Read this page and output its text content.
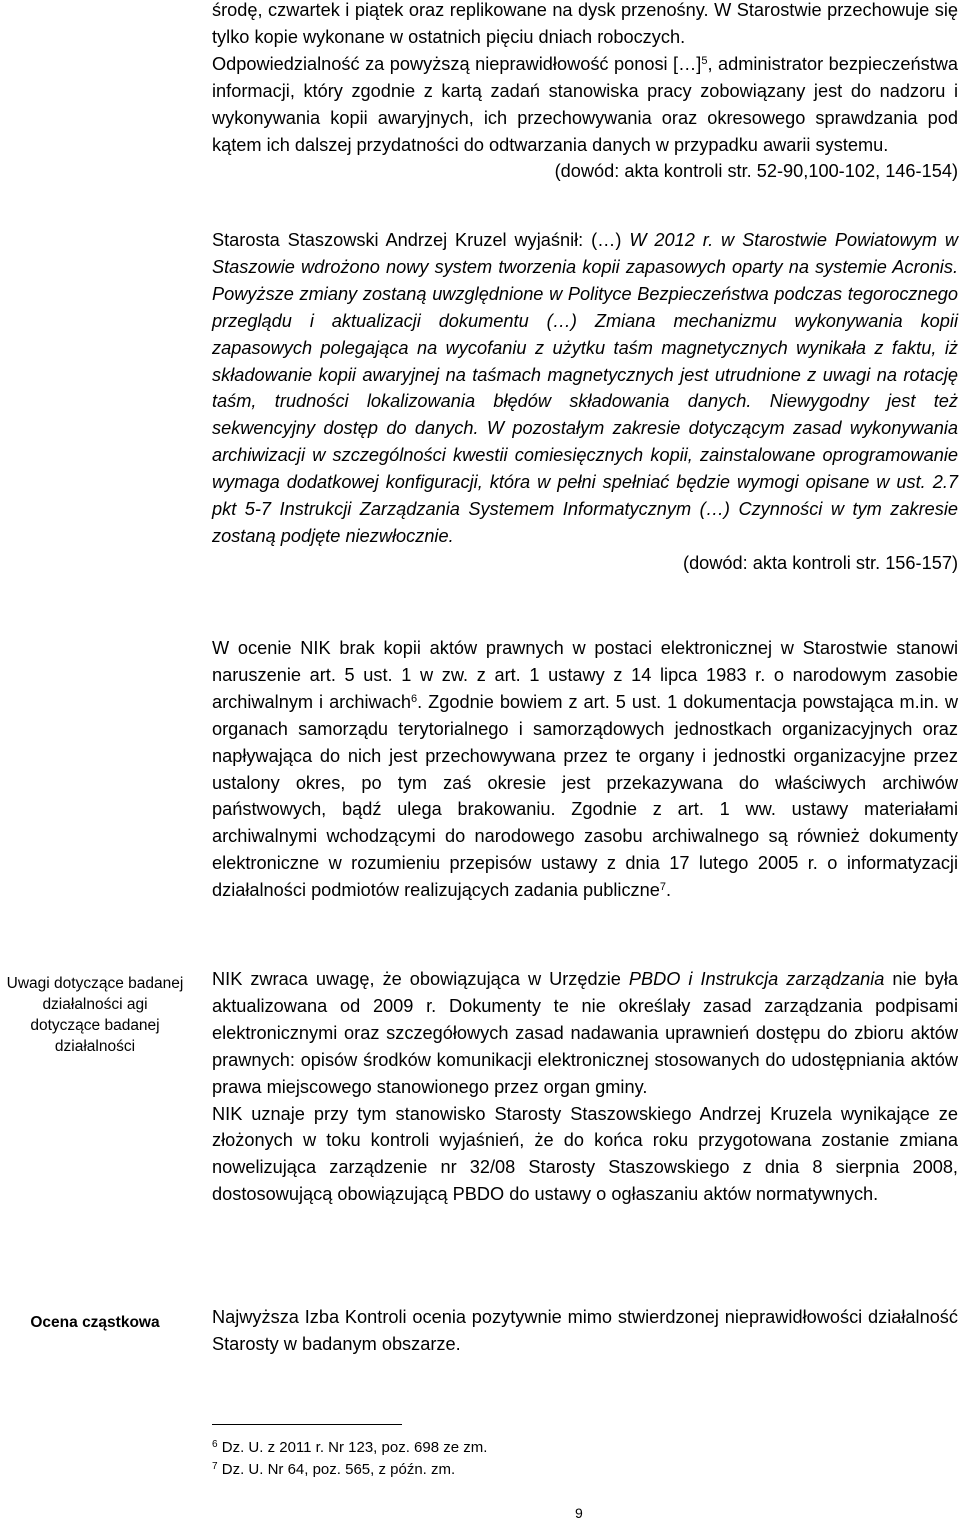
Uwagi dotyczące badanej działalności agi dotyczące badanej działalności
Ocena cząstkowa

środę, czwartek i piątek oraz replikowane na dysk przenośny. W Starostwie przechowuje się tylko kopie wykonane w ostatnich pięciu dniach roboczych.

Odpowiedzialność za powyższą nieprawidłowość ponosi […]$^5$, administrator bezpieczeństwa informacji, który zgodnie z kartą zadań stanowiska pracy zobowiązany jest do nadzoru i wykonywania kopii awaryjnych, ich przechowywania oraz okresowego sprawdzania pod kątem ich dalszej przydatności do odtwarzania danych w przypadku awarii systemu.

(dowód: akta kontroli str. 52-90,100-102, 146-154)

Starosta Staszowski Andrzej Kruzel wyjaśnił: (…) W 2012 r. w Starostwie Powiatowym w Staszowie wdrożono nowy system tworzenia kopii zapasowych oparty na systemie Acronis. Powyższe zmiany zostaną uwzględnione w Polityce Bezpieczeństwa podczas tegorocznego przeglądu i aktualizacji dokumentu (…) Zmiana mechanizmu wykonywania kopii zapasowych polegająca na wycofaniu z użytku taśm magnetycznych wynikała z faktu, iż składowanie kopii awaryjnej na taśmach magnetycznych jest utrudnione z uwagi na rotację taśm, trudności lokalizowania błędów składowania danych. Niewygodny jest też sekwencyjny dostęp do danych. W pozostałym zakresie dotyczącym zasad wykonywania archiwizacji w szczególności kwestii comiesięcznych kopii, zainstalowane oprogramowanie wymaga dodatkowej konfiguracji, która w pełni spełniać będzie wymogi opisane w ust. 2.7 pkt 5-7 Instrukcji Zarządzania Systemem Informatycznym (…) Czynności w tym zakresie zostaną podjęte niezwłocznie.

(dowód: akta kontroli str. 156-157)

W ocenie NIK brak kopii aktów prawnych w postaci elektronicznej w Starostwie stanowi naruszenie art. 5 ust. 1 w zw. z art. 1 ustawy z 14 lipca 1983 r. o narodowym zasobie archiwalnym i archiwach$^6$. Zgodnie bowiem z art. 5 ust. 1 dokumentacja powstająca m.in. w organach samorządu terytorialnego i samorządowych jednostkach organizacyjnych oraz napływająca do nich jest przechowywana przez te organy i jednostki organizacyjne przez ustalony okres, po tym zaś okresie jest przekazywana do właściwych archiwów państwowych, bądź ulega brakowaniu. Zgodnie z art. 1 ww. ustawy materiałami archiwalnymi wchodzącymi do narodowego zasobu archiwalnego są również dokumenty elektroniczne w rozumieniu przepisów ustawy z dnia 17 lutego 2005 r. o informatyzacji działalności podmiotów realizujących zadania publiczne$^7$.

NIK zwraca uwagę, że obowiązująca w Urzędzie PBDO i Instrukcja zarządzania nie była aktualizowana od 2009 r. Dokumenty te nie określały zasad zarządzania podpisami elektronicznymi oraz szczegółowych zasad nadawania uprawnień dostępu do zbioru aktów prawnych: opisów środków komunikacji elektronicznej stosowanych do udostępniania aktów prawa miejscowego stanowionego przez organ gminy.

NIK uznaje przy tym stanowisko Starosty Staszowskiego Andrzej Kruzela wynikające ze złożonych w toku kontroli wyjaśnień, że do końca roku przygotowana zostanie zmiana nowelizująca zarządzenie nr 32/08 Starosty Staszowskiego z dnia 8 sierpnia 2008, dostosowującą obowiązującą PBDO do ustawy o ogłaszaniu aktów normatywnych.

Najwyższa Izba Kontroli ocenia pozytywnie mimo stwierdzonej nieprawidłowości działalność Starosty w badanym obszarze.

$^6$ Dz. U. z 2011 r. Nr 123, poz. 698 ze zm.
$^7$ Dz. U. Nr 64, poz. 565, z późn. zm.
9
